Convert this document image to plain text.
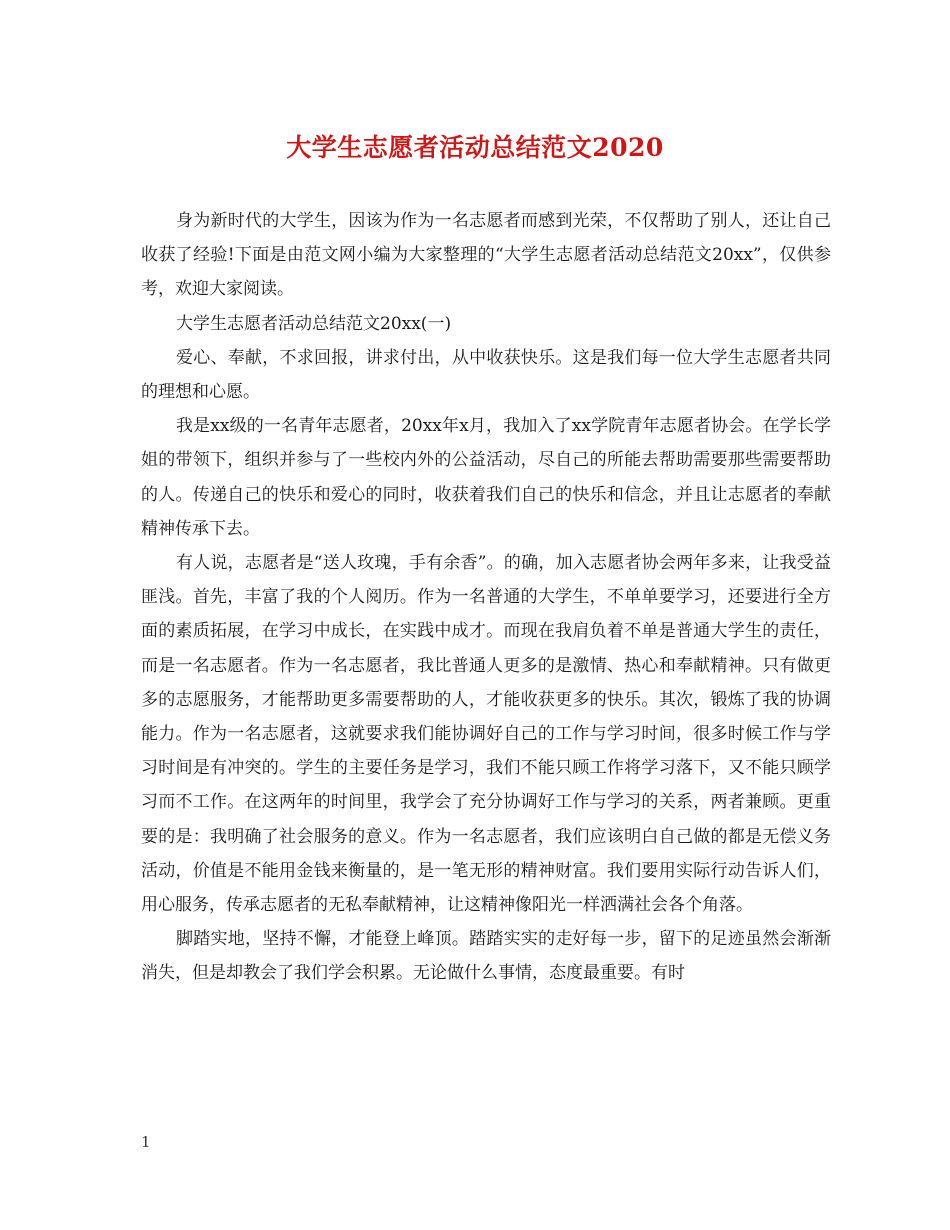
大学生志愿者活动总结范文2020

身为新时代的大学生，因该为作为一名志愿者而感到光荣，不仅帮助了别人，还让自己收获了经验!下面是由范文网小编为大家整理的“大学生志愿者活动总结范文20xx”，仅供参考，欢迎大家阅读。

大学生志愿者活动总结范文20xx(一)

爱心、奉献，不求回报，讲求付出，从中收获快乐。这是我们每一位大学生志愿者共同的理想和心愿。

我是xx级的一名青年志愿者，20xx年x月，我加入了xx学院青年志愿者协会。在学长学姐的带领下，组织并参与了一些校内外的公益活动，尽自己的所能去帮助需要那些需要帮助的人。传递自己的快乐和爱心的同时，收获着我们自己的快乐和信念，并且让志愿者的奉献精神传承下去。

有人说，志愿者是“送人玫瑰，手有余香”。的确，加入志愿者协会两年多来，让我受益匪浅。首先，丰富了我的个人阅历。作为一名普通的大学生，不单单要学习，还要进行全方面的素质拓展，在学习中成长，在实践中成才。而现在我肩负着不单是普通大学生的责任，而是一名志愿者。作为一名志愿者，我比普通人更多的是激情、热心和奉献精神。只有做更多的志愿服务，才能帮助更多需要帮助的人，才能收获更多的快乐。其次，锻炼了我的协调能力。作为一名志愿者，这就要求我们能协调好自己的工作与学习时间，很多时候工作与学习时间是有冲突的。学生的主要任务是学习，我们不能只顾工作将学习落下，又不能只顾学习而不工作。在这两年的时间里，我学会了充分协调好工作与学习的关系，两者兼顾。更重要的是：我明确了社会服务的意义。作为一名志愿者，我们应该明白自己做的都是无偿义务活动，价值是不能用金钱来衡量的，是一笔无形的精神财富。我们要用实际行动告诉人们，用心服务，传承志愿者的无私奉献精神，让这精神像阳光一样洒满社会各个角落。

脚踏实地，坚持不懈，才能登上峰顶。踏踏实实的走好每一步，留下的足迹虽然会渐渐消失，但是却教会了我们学会积累。无论做什么事情，态度最重要。有时

1
